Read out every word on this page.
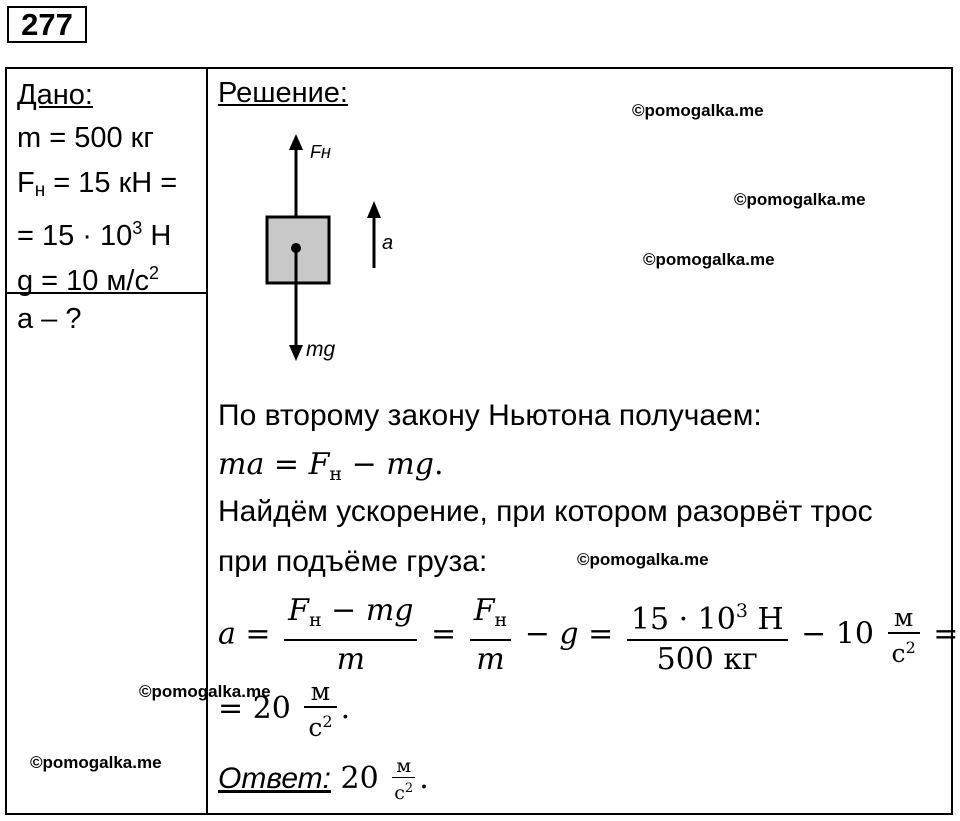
277
Дано:
m = 500 кг
$F_н = 15$ кН =
= $15 \cdot 10^3$ Н
g = 10 $м/с^2$
а – ?
Решение:
Fн
a
mg
По второму закону Ньютона получаем:
ma = $F_н$ − mg.
Найдём ускорение, при котором разорвёт трос
при подъёме груза:
$a = \frac{F_н - mg}{m} = \frac{F_н}{m} - g = \frac{15 \cdot 10^3 Н}{500 кг} - 10 \frac{м}{с^2}$ =
= $20 \frac{м}{с^2}$ .
Ответ: $20 \frac{м}{с^2}$ .
©pomogalka.me
©pomogalka.me
©pomogalka.me
©pomogalka.me
©pomogalka.me
©pomogalka.me
